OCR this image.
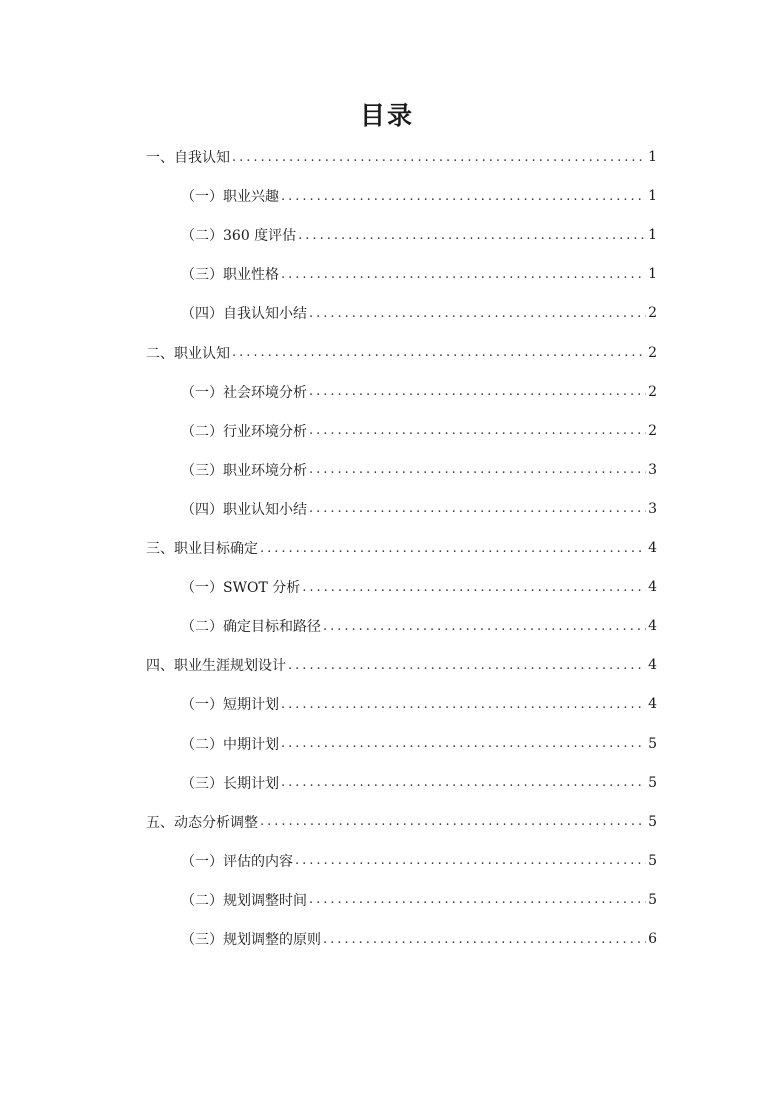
目录
一、自我认知 .....	1
（一）职业兴趣 .....	1
（二）360 度评估 .....	1
（三）职业性格 .....	1
（四）自我认知小结 .....	2
二、职业认知 .....	2
（一）社会环境分析 .....	2
（二）行业环境分析 .....	2
（三）职业环境分析 .....	3
（四）职业认知小结 .....	3
三、职业目标确定 .....	4
（一）SWOT 分析 .....	4
（二）确定目标和路径 .....	4
四、职业生涯规划设计 .....	4
（一）短期计划 .....	4
（二）中期计划 .....	5
（三）长期计划 .....	5
五、动态分析调整 .....	5
（一）评估的内容 .....	5
（二）规划调整时间 .....	5
（三）规划调整的原则 .....	6
